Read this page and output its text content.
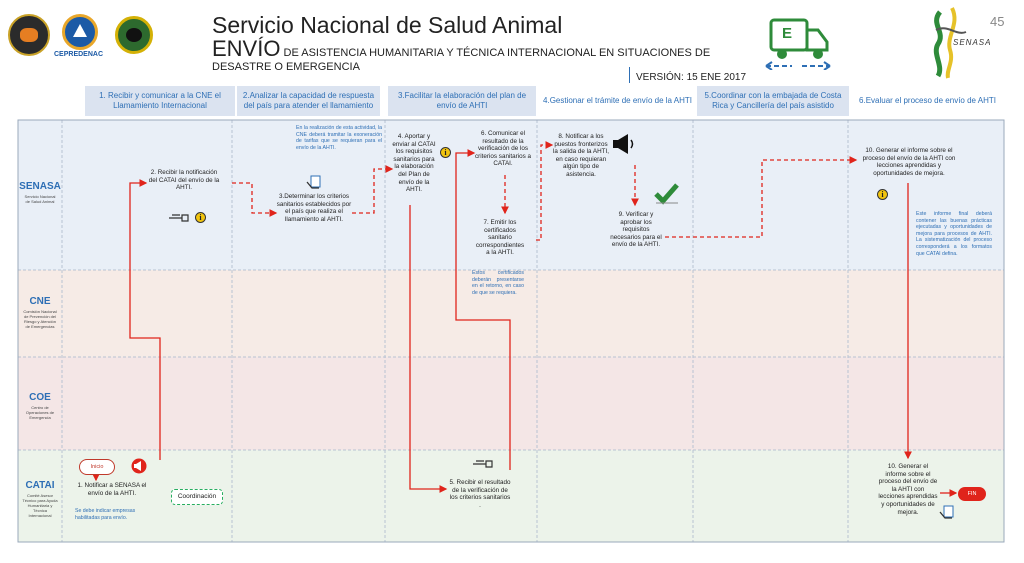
CEPREDENAC
Servicio Nacional de Salud Animal
ENVÍO DE ASISTENCIA HUMANITARIA Y TÉCNICA INTERNACIONAL EN SITUACIONES DE DESASTRE O EMERGENCIA
VERSIÓN: 15 ENE 2017
45
E
SENASA
1. Recibir y comunicar a la CNE el Llamamiento Internacional
2.Analizar la capacidad de respuesta del país para atender el llamamiento
3.Facilitar la elaboración del plan de envío de AHTI
4.Gestionar el trámite de envío de la AHTI
5.Coordinar con la embajada de Costa Rica y Cancillería del país asistido
6.Evaluar el proceso de envío de AHTI
SENASA
Servicio Nacional de Salud Animal
CNE
Comisión Nacional de Prevención del Riesgo y Atención de Emergencias
COE
Centro de Operaciones de Emergencia
CATAI
Comité Asesor Técnico para Ayuda Humanitaria y Técnica Internacional
1. Notificar a SENASA el envío de la AHTI.
2. Recibir la notificación del CATAI del envío de la AHTI.
3.Determinar los criterios sanitarios establecidos por el país que realiza el llamamiento al AHTI.
4. Aportar y enviar al CATAI los requisitos sanitarios para la elaboración del Plan de envío de la AHTI.
5. Recibir el resultado de la verificación de los criterios sanitarios .
6. Comunicar el resultado de la verificación de los criterios sanitarios a CATAI.
7. Emitir los certificados sanitario correspondientes a la AHTI.
8. Notificar a los puestos fronterizos la salida de la AHTI, en caso requieran algún tipo de asistencia.
9. Verificar y aprobar los requisitos necesarios para el envío de la AHTI.
10. Generar el informe sobre el proceso del envío de la AHTI con lecciones aprendidas y oportunidades de mejora.
10. Generar el informe sobre el proceso del envío de la AHTI con lecciones aprendidas y oportunidades de mejora.
En la realización de esta actividad, la CNE deberá tramitar la exoneración de tarifas que se requieran para el envío de la AHTI.
Estos certificados deberán presentarse en el retorno, en caso de que se requiera.
Este informe final deberá contener las buenas prácticas ejecutadas y oportunidades de mejora para procesos de AHTI. La sistematización del proceso corresponderá a los formatos que CATAI defina.
Se debe indicar empresas habilitadas para envío.
Inicio
FIN
Coordinación
i
i
i
